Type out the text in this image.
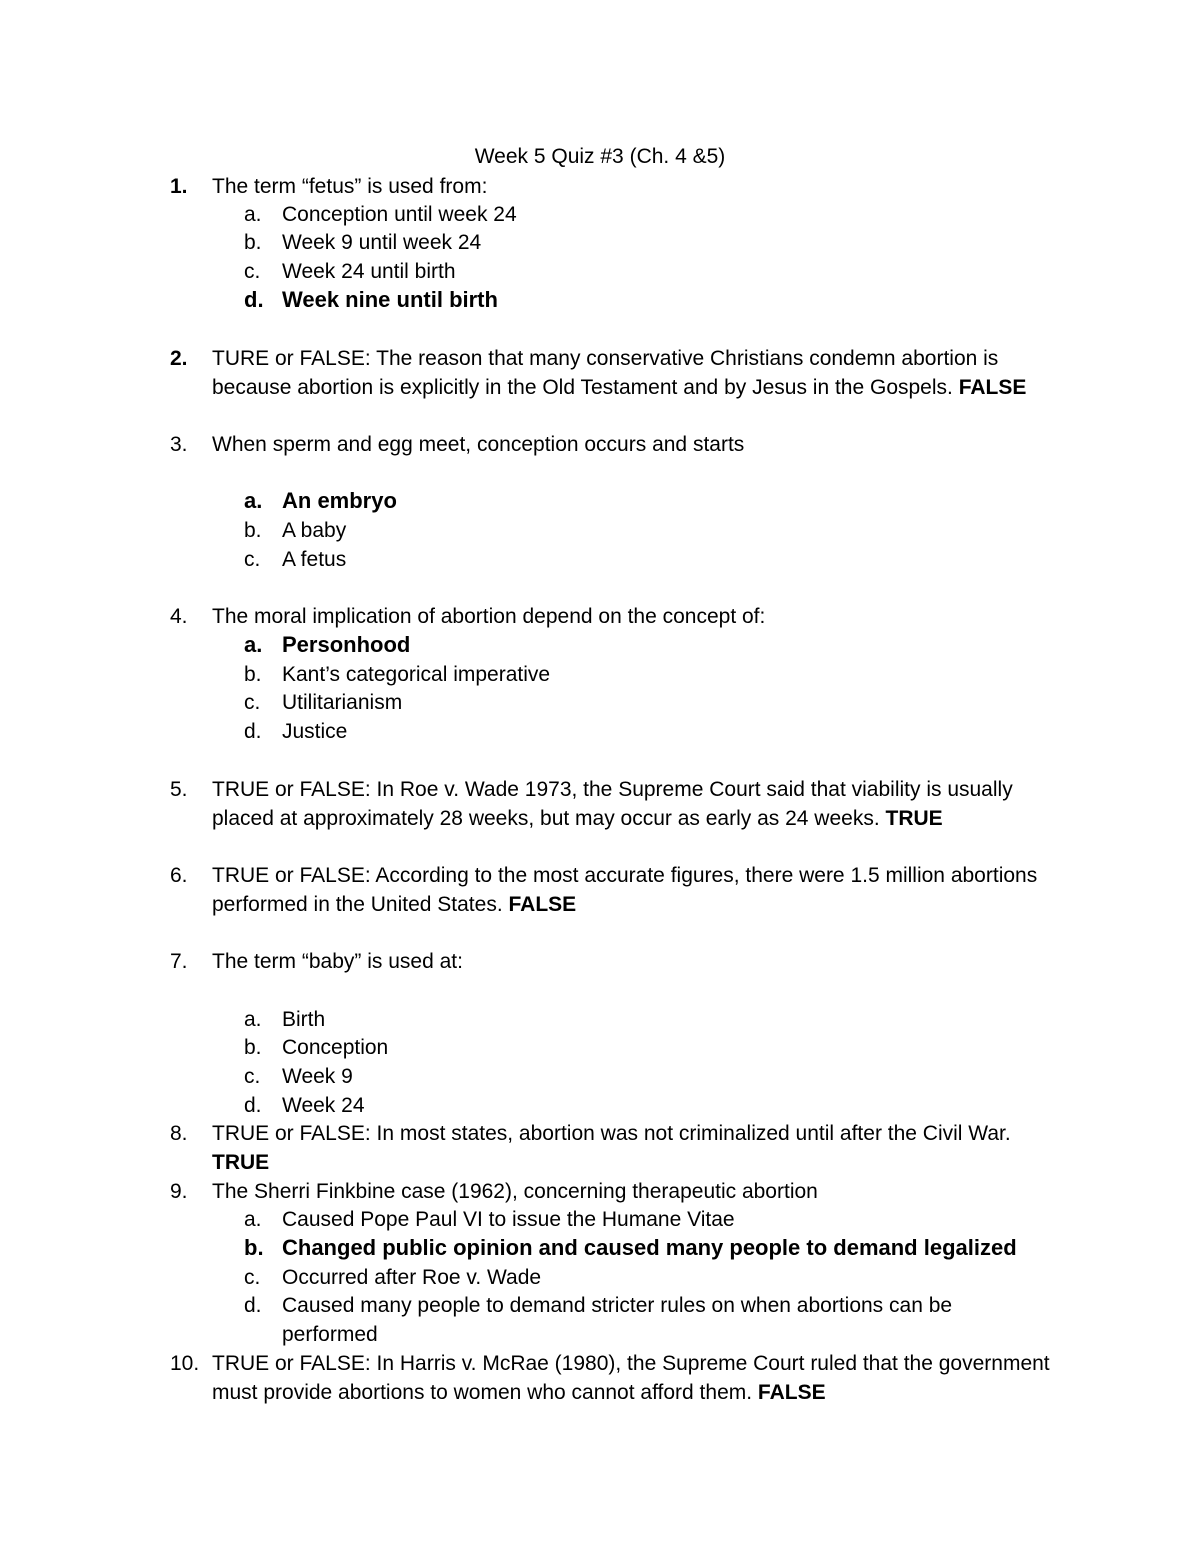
Week 5 Quiz #3 (Ch. 4 &5)
1.	The term “fetus” is used from:
a. Conception until week 24
b. Week 9 until week 24
c.	Week 24 until birth
d. Week nine until birth
2.	TURE or FALSE: The reason that many conservative Christians condemn abortion is
because abortion is explicitly in the Old Testament and by Jesus in the Gospels. FALSE
3.	When sperm and egg meet, conception occurs and starts
a. An embryo
b. A baby
c.	A fetus
4.	The moral implication of abortion depend on the concept of:
a. Personhood
b. Kant’s categorical imperative
c.	Utilitarianism
d. Justice
5.	TRUE or FALSE: In Roe v. Wade 1973, the Supreme Court said that viability is usually
placed at approximately 28 weeks, but may occur as early as 24 weeks. TRUE
6.	TRUE or FALSE: According to the most accurate figures, there were 1.5 million abortions
performed in the United States. FALSE
7.	The term “baby” is used at:
a. Birth
b. Conception
c.	Week 9
d. Week 24
8.	TRUE or FALSE: In most states, abortion was not criminalized until after the Civil War.
TRUE
9.	The Sherri Finkbine case (1962), concerning therapeutic abortion
a. Caused Pope Paul VI to issue the Humane Vitae
b. Changed public opinion and caused many people to demand legalized
c.	Occurred after Roe v. Wade
d. Caused many people to demand stricter rules on when abortions can be
performed
10. TRUE or FALSE: In Harris v. McRae (1980), the Supreme Court ruled that the government
must provide abortions to women who cannot afford them. FALSE
